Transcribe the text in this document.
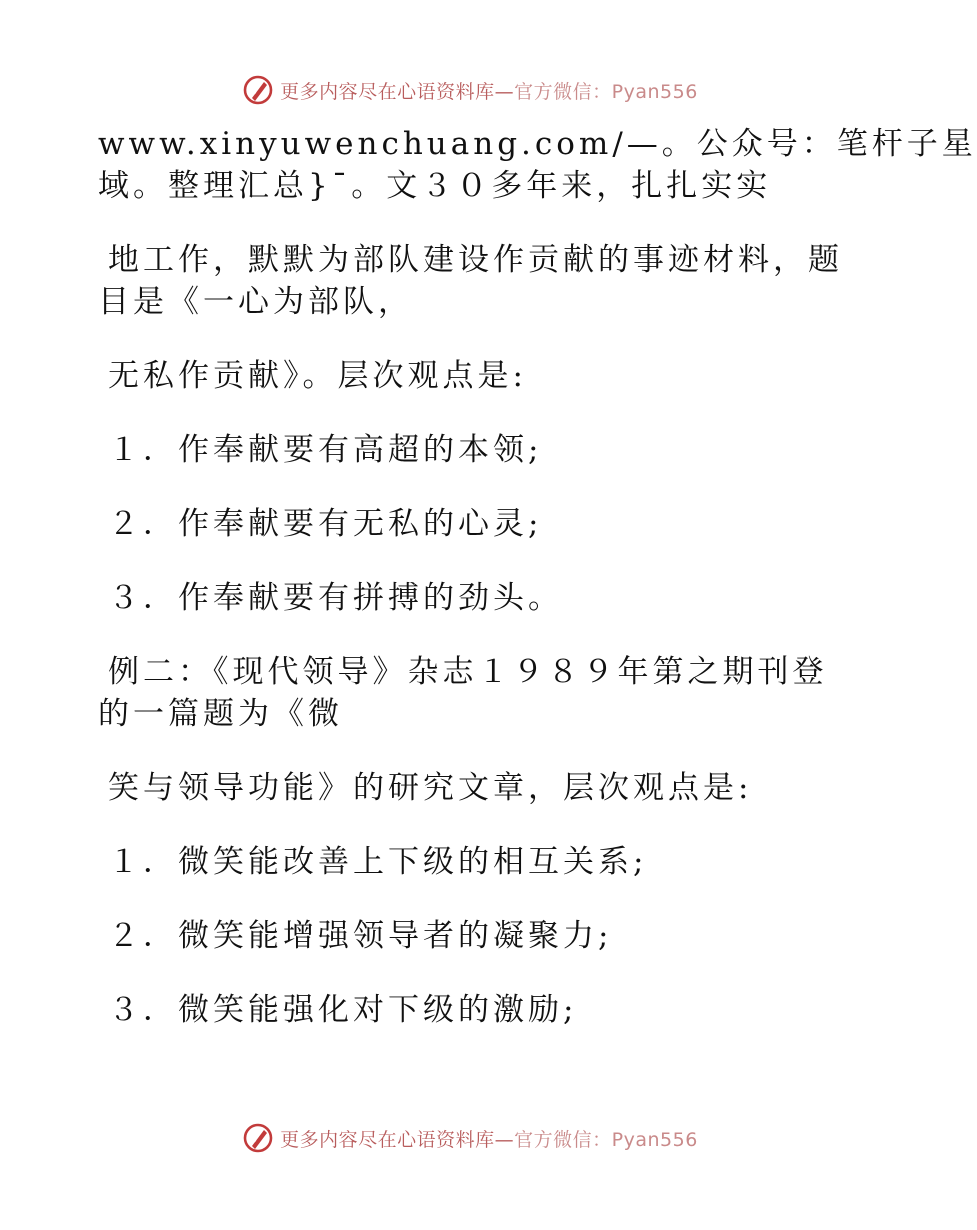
更多内容尽在心语资料库—官方微信：Pyan556
www.xinyuwenchuang.com/—。公众号：笔杆子星
域。整理汇总}¯。文３０多年来，扎扎实实
地工作，默默为部队建设作贡献的事迹材料，题
目是《一心为部队，
无私作贡献》。层次观点是:
１．作奉献要有高超的本领;
２．作奉献要有无私的心灵;
３．作奉献要有拼搏的劲头。
例二：《现代领导》杂志１９８９年第之期刊登
的一篇题为《微
笑与领导功能》的研究文章，层次观点是:
１．微笑能改善上下级的相互关系;
２．微笑能增强领导者的凝聚力;
３．微笑能强化对下级的激励;
更多内容尽在心语资料库—官方微信：Pyan556
